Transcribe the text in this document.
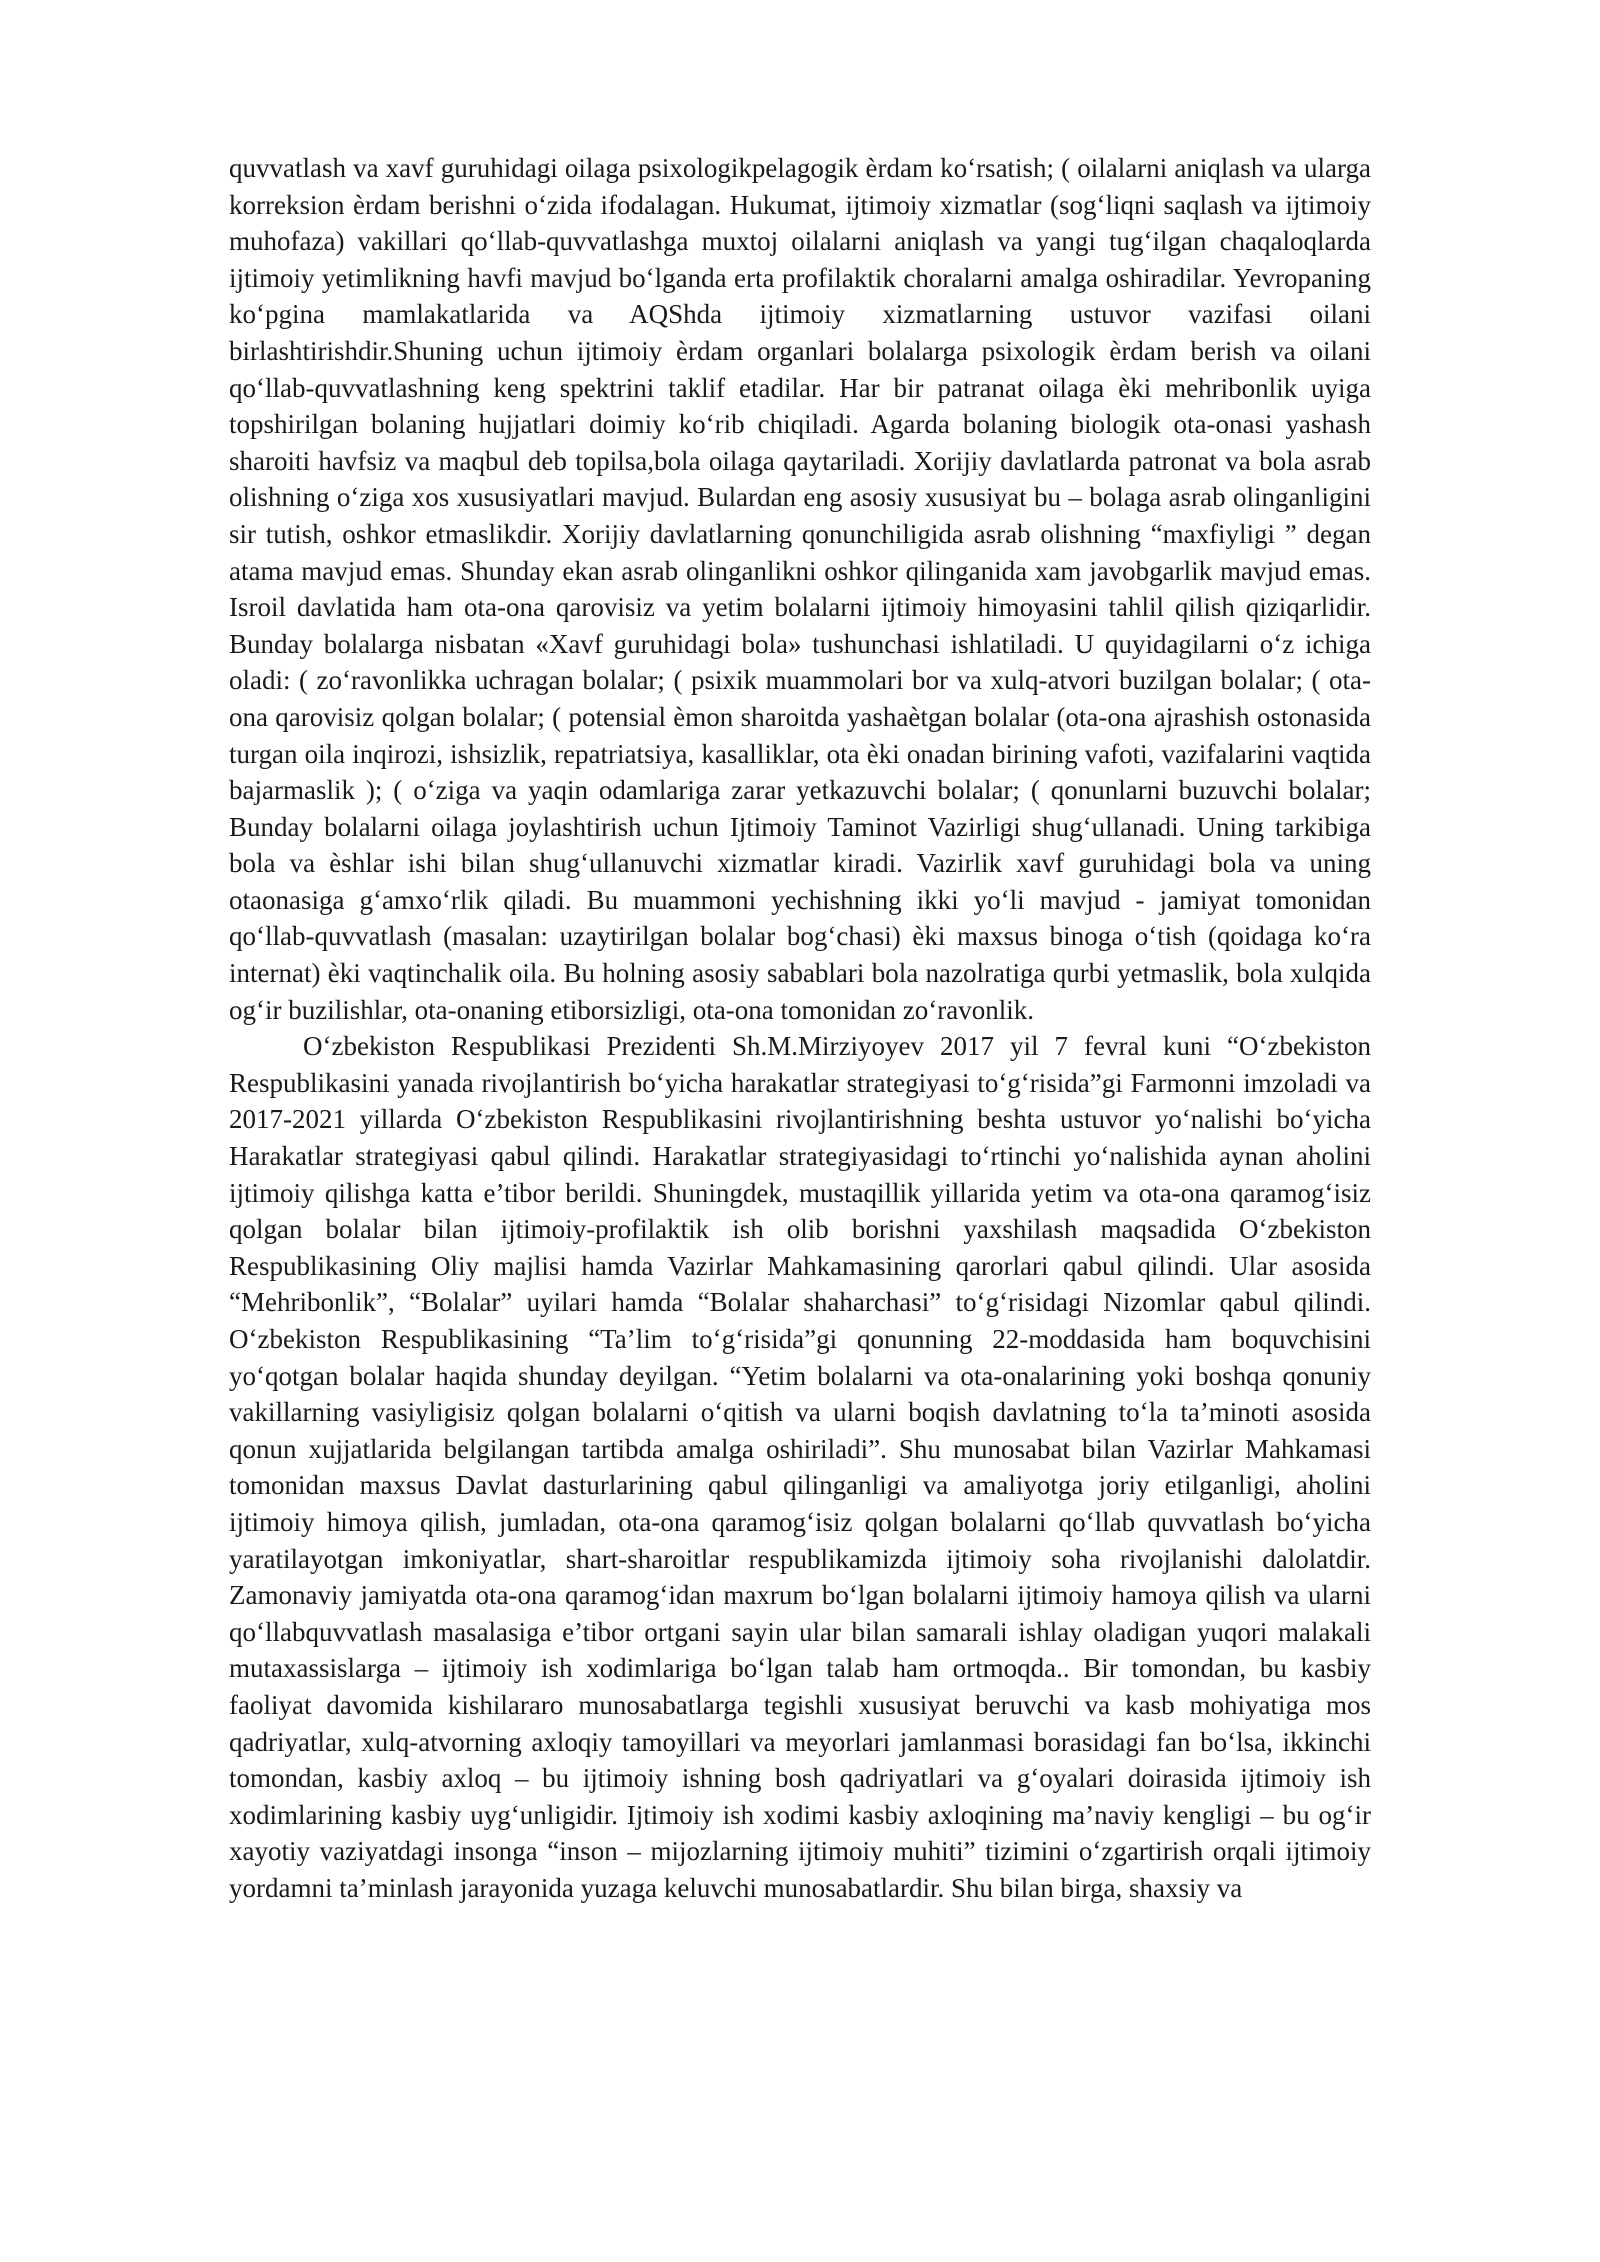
quvvatlash va xavf guruhidagi oilaga psixologikpelagogik èrdam ko‘rsatish; ( oilalarni aniqlash va ularga korreksion èrdam berishni o‘zida ifodalagan. Hukumat, ijtimoiy xizmatlar (sog‘liqni saqlash va ijtimoiy muhofaza) vakillari qo‘llab-quvvatlashga muxtoj oilalarni aniqlash va yangi tug‘ilgan chaqaloqlarda ijtimoiy yetimlikning havfi mavjud bo‘lganda erta profilaktik choralarni amalga oshiradilar. Yevropaning ko‘pgina mamlakatlarida va AQShda ijtimoiy xizmatlarning ustuvor vazifasi oilani birlashtirishdir.Shuning uchun ijtimoiy èrdam organlari bolalarga psixologik èrdam berish va oilani qo‘llab-quvvatlashning keng spektrini taklif etadilar. Har bir patranat oilaga èki mehribonlik uyiga topshirilgan bolaning hujjatlari doimiy ko‘rib chiqiladi. Agarda bolaning biologik ota-onasi yashash sharoiti havfsiz va maqbul deb topilsa,bola oilaga qaytariladi. Xorijiy davlatlarda patronat va bola asrab olishning o‘ziga xos xususiyatlari mavjud. Bulardan eng asosiy xususiyat bu – bolaga asrab olinganligini sir tutish, oshkor etmaslikdir. Xorijiy davlatlarning qonunchiligida asrab olishning “maxfiyligi ” degan atama mavjud emas. Shunday ekan asrab olinganlikni oshkor qilinganida xam javobgarlik mavjud emas. Isroil davlatida ham ota-ona qarovisiz va yetim bolalarni ijtimoiy himoyasini tahlil qilish qiziqarlidir. Bunday bolalarga nisbatan «Xavf guruhidagi bola» tushunchasi ishlatiladi. U quyidagilarni o‘z ichiga oladi: ( zo‘ravonlikka uchragan bolalar; ( psixik muammolari bor va xulq-atvori buzilgan bolalar; ( ota-ona qarovisiz qolgan bolalar; ( potensial èmon sharoitda yashaètgan bolalar (ota-ona ajrashish ostonasida turgan oila inqirozi, ishsizlik, repatriatsiya, kasalliklar, ota èki onadan birining vafoti, vazifalarini vaqtida bajarmaslik ); ( o‘ziga va yaqin odamlariga zarar yetkazuvchi bolalar; ( qonunlarni buzuvchi bolalar; Bunday bolalarni oilaga joylashtirish uchun Ijtimoiy Taminot Vazirligi shug‘ullanadi. Uning tarkibiga bola va èshlar ishi bilan shug‘ullanuvchi xizmatlar kiradi. Vazirlik xavf guruhidagi bola va uning otaonasiga g‘amxo‘rlik qiladi. Bu muammoni yechishning ikki yo‘li mavjud - jamiyat tomonidan qo‘llab-quvvatlash (masalan: uzaytirilgan bolalar bog‘chasi) èki maxsus binoga o‘tish (qoidaga ko‘ra internat) èki vaqtinchalik oila. Bu holning asosiy sabablari bola nazolratiga qurbi yetmaslik, bola xulqida og‘ir buzilishlar, ota-onaning etiborsizligi, ota-ona tomonidan zo‘ravonlik.

O‘zbekiston Respublikasi Prezidenti Sh.M.Mirziyoyev 2017 yil 7 fevral kuni “O‘zbekiston Respublikasini yanada rivojlantirish bo‘yicha harakatlar strategiyasi to‘g‘risida”gi Farmonni imzoladi va 2017-2021 yillarda O‘zbekiston Respublikasini rivojlantirishning beshta ustuvor yo‘nalishi bo‘yicha Harakatlar strategiyasi qabul qilindi. Harakatlar strategiyasidagi to‘rtinchi yo‘nalishida aynan aholini ijtimoiy qilishga katta e’tibor berildi. Shuningdek, mustaqillik yillarida yetim va ota-ona qaramog‘isiz qolgan bolalar bilan ijtimoiy-profilaktik ish olib borishni yaxshilash maqsadida O‘zbekiston Respublikasining Oliy majlisi hamda Vazirlar Mahkamasining qarorlari qabul qilindi. Ular asosida “Mehribonlik”, “Bolalar” uyilari hamda “Bolalar shaharchasi” to‘g‘risidagi Nizomlar qabul qilindi. O‘zbekiston Respublikasining “Ta’lim to‘g‘risida”gi qonunning 22-moddasida ham boquvchisini yo‘qotgan bolalar haqida shunday deyilgan. “Yetim bolalarni va ota-onalarining yoki boshqa qonuniy vakillarning vasiyligisiz qolgan bolalarni o‘qitish va ularni boqish davlatning to‘la ta’minoti asosida qonun xujjatlarida belgilangan tartibda amalga oshiriladi”. Shu munosabat bilan Vazirlar Mahkamasi tomonidan maxsus Davlat dasturlarining qabul qilinganligi va amaliyotga joriy etilganligi, aholini ijtimoiy himoya qilish, jumladan, ota-ona qaramog‘isiz qolgan bolalarni qo‘llab quvvatlash bo‘yicha yaratilayotgan imkoniyatlar, shart-sharoitlar respublikamizda ijtimoiy soha rivojlanishi dalolatdir. Zamonaviy jamiyatda ota-ona qaramog‘idan maxrum bo‘lgan bolalarni ijtimoiy hamoya qilish va ularni qo‘llabquvvatlash masalasiga e’tibor ortgani sayin ular bilan samarali ishlay oladigan yuqori malakali mutaxassislarga – ijtimoiy ish xodimlariga bo‘lgan talab ham ortmoqda.. Bir tomondan, bu kasbiy faoliyat davomida kishilararo munosabatlarga tegishli xususiyat beruvchi va kasb mohiyatiga mos qadriyatlar, xulq-atvorning axloqiy tamoyillari va meyorlari jamlanmasi borasidagi fan bo‘lsa, ikkinchi tomondan, kasbiy axloq – bu ijtimoiy ishning bosh qadriyatlari va g‘oyalari doirasida ijtimoiy ish xodimlarining kasbiy uyg‘unligidir. Ijtimoiy ish xodimi kasbiy axloqining ma’naviy kengligi – bu og‘ir xayotiy vaziyatdagi insonga “inson – mijozlarning ijtimoiy muhiti” tizimini o‘zgartirish orqali ijtimoiy yordamni ta’minlash jarayonida yuzaga keluvchi munosabatlardir. Shu bilan birga, shaxsiy va
